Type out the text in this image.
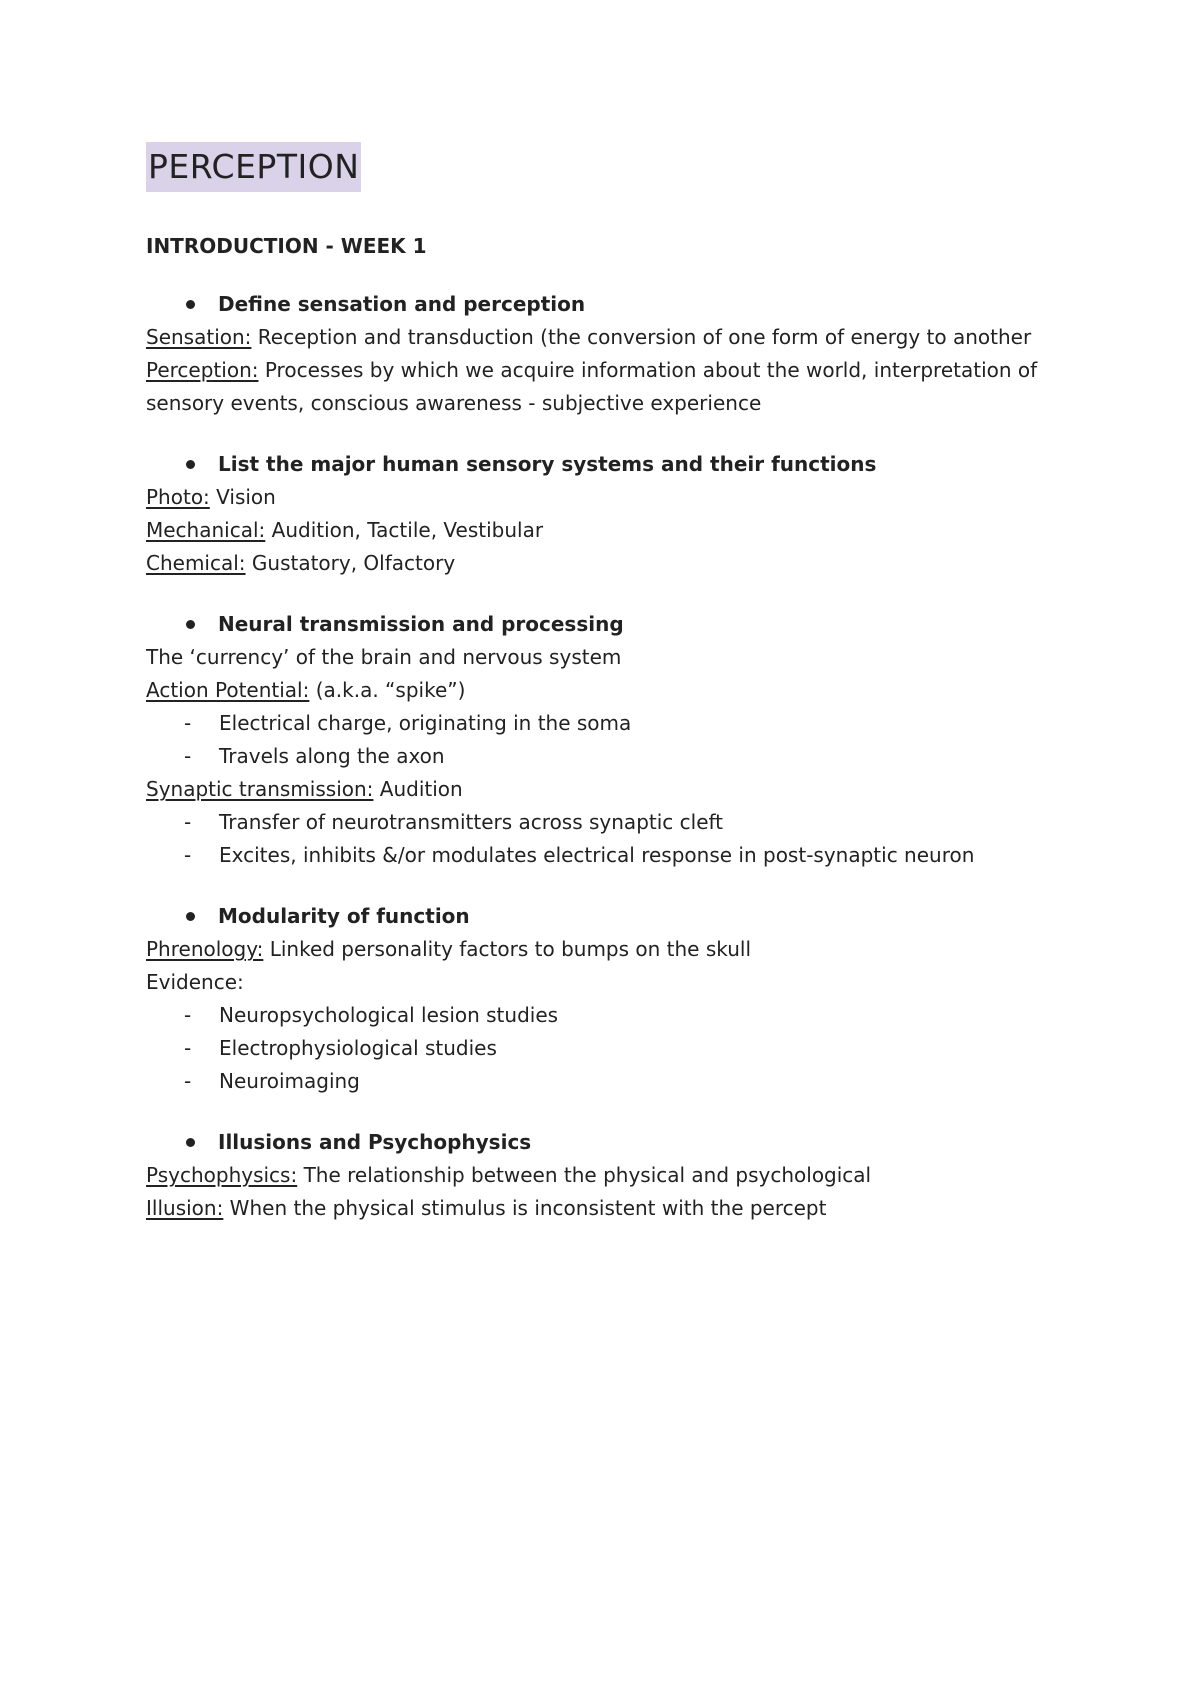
PERCEPTION
INTRODUCTION - WEEK 1
Define sensation and perception

Sensation: Reception and transduction (the conversion of one form of energy to another

Perception: Processes by which we acquire information about the world, interpretation of sensory events, conscious awareness - subjective experience

List the major human sensory systems and their functions

Photo: Vision

Mechanical: Audition, Tactile, Vestibular

Chemical: Gustatory, Olfactory

Neural transmission and processing

The ‘currency’ of the brain and nervous system

Action Potential: (a.k.a. “spike”)

-	Electrical charge, originating in the soma
-	Travels along the axon

Synaptic transmission: Audition

-	Transfer of neurotransmitters across synaptic cleft
-	Excites, inhibits &/or modulates electrical response in post-synaptic neuron
Modularity of function

Phrenology: Linked personality factors to bumps on the skull

Evidence:

-	Neuropsychological lesion studies
-	Electrophysiological studies
-	Neuroimaging
Illusions and Psychophysics

Psychophysics: The relationship between the physical and psychological

Illusion: When the physical stimulus is inconsistent with the percept
